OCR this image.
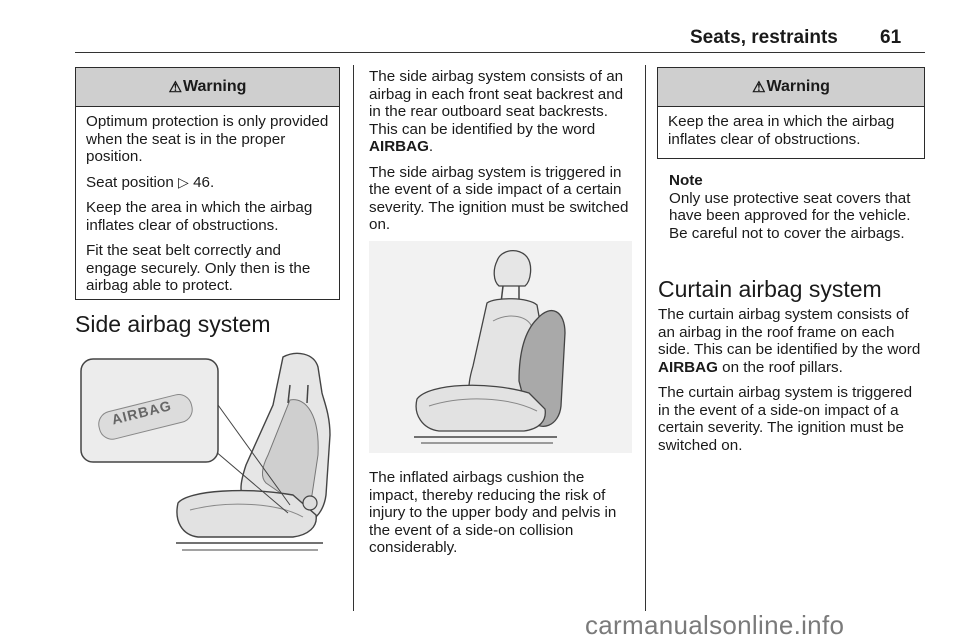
Seats, restraints 61
⚠ Warning

Optimum protection is only provided when the seat is in the proper position.

Seat position ▷ 46.

Keep the area in which the airbag inflates clear of obstructions.

Fit the seat belt correctly and engage securely. Only then is the airbag able to protect.

Side airbag system
AIRBAG

The side airbag system consists of an airbag in each front seat backrest and in the rear outboard seat backrests. This can be identified by the word AIRBAG.

The side airbag system is triggered in the event of a side impact of a certain severity. The ignition must be switched on.

The inflated airbags cushion the impact, thereby reducing the risk of injury to the upper body and pelvis in the event of a side-on collision considerably.

⚠ Warning

Keep the area in which the airbag inflates clear of obstructions.

Note
Only use protective seat covers that have been approved for the vehicle. Be careful not to cover the airbags.
Curtain airbag system

The curtain airbag system consists of an airbag in the roof frame on each side. This can be identified by the word AIRBAG on the roof pillars.

The curtain airbag system is triggered in the event of a side-on impact of a certain severity. The ignition must be switched on.

carmanualsonline.info
